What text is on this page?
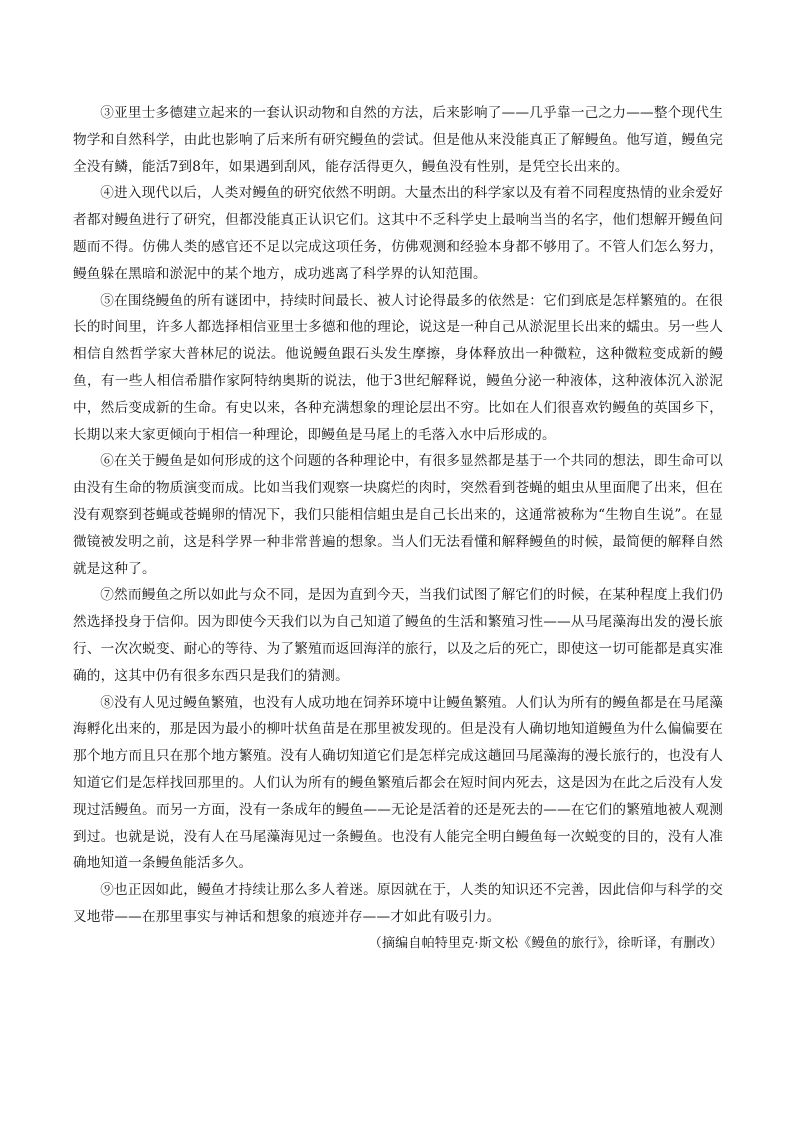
③亚里士多德建立起来的一套认识动物和自然的方法，后来影响了——几乎靠一己之力——整个现代生物学和自然科学，由此也影响了后来所有研究鳗鱼的尝试。但是他从来没能真正了解鳗鱼。他写道，鳗鱼完全没有鳞，能活7到8年，如果遇到刮风，能存活得更久，鳗鱼没有性别，是凭空长出来的。

④进入现代以后，人类对鳗鱼的研究依然不明朗。大量杰出的科学家以及有着不同程度热情的业余爱好者都对鳗鱼进行了研究，但都没能真正认识它们。这其中不乏科学史上最响当当的名字，他们想解开鳗鱼问题而不得。仿佛人类的感官还不足以完成这项任务，仿佛观测和经验本身都不够用了。不管人们怎么努力，鳗鱼躲在黑暗和淤泥中的某个地方，成功逃离了科学界的认知范围。

⑤在围绕鳗鱼的所有谜团中，持续时间最长、被人讨论得最多的依然是：它们到底是怎样繁殖的。在很长的时间里，许多人都选择相信亚里士多德和他的理论，说这是一种自己从淤泥里长出来的蠕虫。另一些人相信自然哲学家大普林尼的说法。他说鳗鱼跟石头发生摩擦，身体释放出一种微粒，这种微粒变成新的鳗鱼，有一些人相信希腊作家阿特纳奥斯的说法，他于3世纪解释说，鳗鱼分泌一种液体，这种液体沉入淤泥中，然后变成新的生命。有史以来，各种充满想象的理论层出不穷。比如在人们很喜欢钓鳗鱼的英国乡下，长期以来大家更倾向于相信一种理论，即鳗鱼是马尾上的毛落入水中后形成的。

⑥在关于鳗鱼是如何形成的这个问题的各种理论中，有很多显然都是基于一个共同的想法，即生命可以由没有生命的物质演变而成。比如当我们观察一块腐烂的肉时，突然看到苍蝇的蛆虫从里面爬了出来，但在没有观察到苍蝇或苍蝇卵的情况下，我们只能相信蛆虫是自己长出来的，这通常被称为“生物自生说”。在显微镜被发明之前，这是科学界一种非常普遍的想象。当人们无法看懂和解释鳗鱼的时候，最简便的解释自然就是这种了。

⑦然而鳗鱼之所以如此与众不同，是因为直到今天，当我们试图了解它们的时候，在某种程度上我们仍然选择投身于信仰。因为即使今天我们以为自己知道了鳗鱼的生活和繁殖习性——从马尾藻海出发的漫长旅行、一次次蜕变、耐心的等待、为了繁殖而返回海洋的旅行，以及之后的死亡，即使这一切可能都是真实准确的，这其中仍有很多东西只是我们的猜测。

⑧没有人见过鳗鱼繁殖，也没有人成功地在饲养环境中让鳗鱼繁殖。人们认为所有的鳗鱼都是在马尾藻海孵化出来的，那是因为最小的柳叶状鱼苗是在那里被发现的。但是没有人确切地知道鳗鱼为什么偏偏要在那个地方而且只在那个地方繁殖。没有人确切知道它们是怎样完成这趟回马尾藻海的漫长旅行的，也没有人知道它们是怎样找回那里的。人们认为所有的鳗鱼繁殖后都会在短时间内死去，这是因为在此之后没有人发现过活鳗鱼。而另一方面，没有一条成年的鳗鱼——无论是活着的还是死去的——在它们的繁殖地被人观测到过。也就是说，没有人在马尾藻海见过一条鳗鱼。也没有人能完全明白鳗鱼每一次蜕变的目的，没有人准确地知道一条鳗鱼能活多久。

⑨也正因如此，鳗鱼才持续让那么多人着迷。原因就在于，人类的知识还不完善，因此信仰与科学的交叉地带——在那里事实与神话和想象的痕迹并存——才如此有吸引力。

（摘编自帕特里克·斯文松《鳗鱼的旅行》，徐昕译，有删改）
